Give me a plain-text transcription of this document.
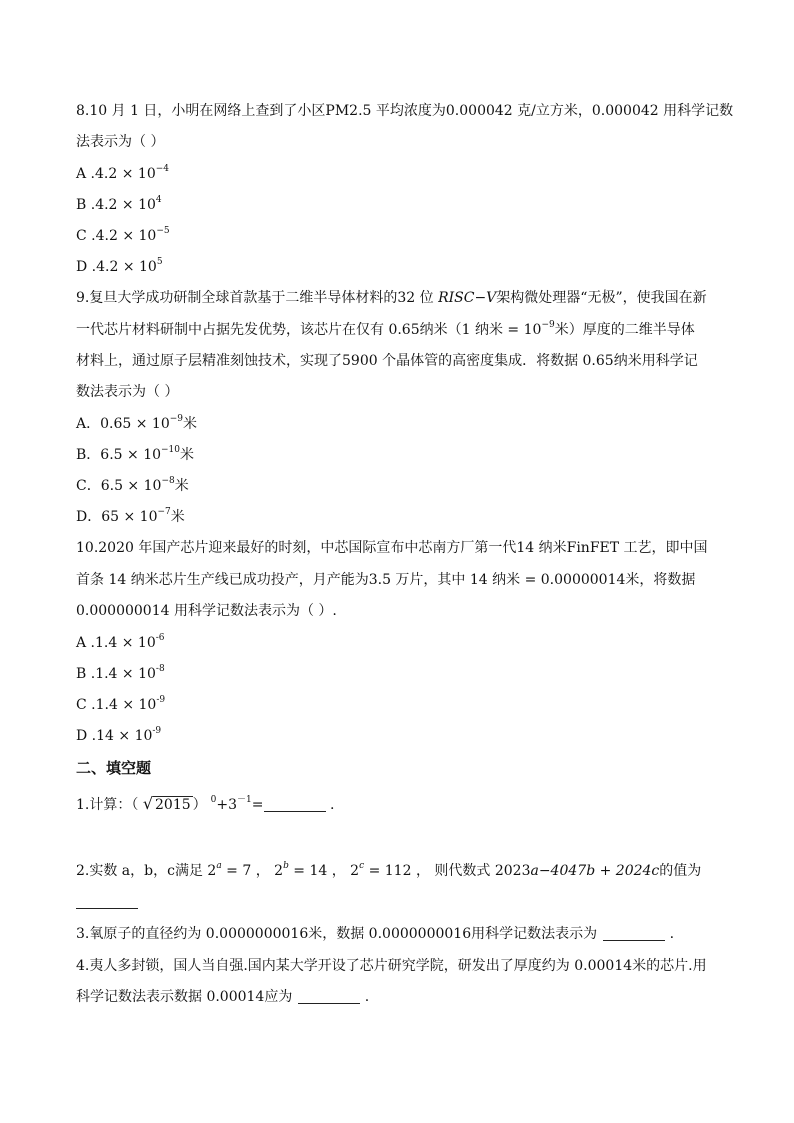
8.10 月 1 日，小明在网络上查到了小区PM2.5 平均浓度为0.000042 克/立方米，0.000042 用科学记数
法表示为（ ）
A $.4.2 \times 10^{-4}$
B $.4.2 \times 10^4$
C $.4.2 \times 10^{-5}$
D $.4.2 \times 10^5$
9.复旦大学成功研制全球首款基于二维半导体材料的32 位 RISC−V架构微处理器“无极”，使我国在新
一代芯片材料研制中占据先发优势，该芯片在仅有 0.65纳米（1 纳米 = $10^{-9}$米）厚度的二维半导体
材料上，通过原子层精准刻蚀技术，实现了5900 个晶体管的高密度集成．将数据 0.65纳米用科学记
数法表示为（ ）
A．$0.65 \times 10^{-9}$米
B．$6.5 \times 10^{-10}$米
C．$6.5 \times 10^{-8}$米
D．$65 \times 10^{-7}$米
10.2020 年国产芯片迎来最好的时刻，中芯国际宣布中芯南方厂第一代14 纳米FinFET 工艺，即中国
首条 14 纳米芯片生产线已成功投产，月产能为3.5 万片，其中 14 纳米 = 0.00000014米，将数据
0.000000014 用科学记数法表示为（ ）.
A $.1.4 \times 10^{-6}$
B $.1.4 \times 10^{-8}$
C $.1.4 \times 10^{-9}$
D $.14 \times 10^{-9}$
二、填空题
1.计算：（ √ 2015 ） $^0+3^{-1}=$	.
2.实数 a，b，c满足 $2^a = 7$ ， $2^b = 14$ ， $2^c = 112$ ， 则代数式 2023a−4047b + 2024c的值为
3.氧原子的直径约为 0.0000000016米，数据 0.0000000016用科学记数法表示为	.
4.夷人多封锁，国人当自强.国内某大学开设了芯片研究学院，研发出了厚度约为 0.00014米的芯片.用
科学记数法表示数据 0.00014应为	.
